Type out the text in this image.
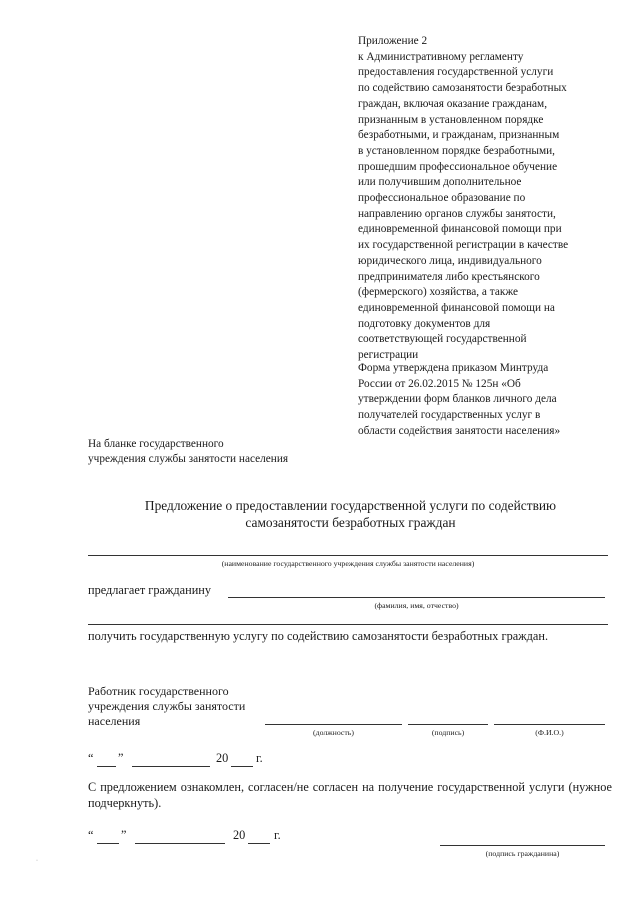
Приложение 2
к Административному регламенту
предоставления государственной услуги
по содействию самозанятости безработных
граждан, включая оказание гражданам,
признанным в установленном порядке
безработными, и гражданам, признанным
в установленном порядке безработными,
прошедшим профессиональное обучение
или получившим дополнительное
профессиональное образование по
направлению органов службы занятости,
единовременной финансовой помощи при
их государственной регистрации в качестве
юридического лица, индивидуального
предпринимателя либо крестьянского
(фермерского) хозяйства, а также
единовременной финансовой помощи на
подготовку документов для
соответствующей государственной
регистрации
Форма утверждена приказом Минтруда
России от 26.02.2015 № 125н «Об
утверждении форм бланков личного дела
получателей государственных услуг в
области содействия занятости населения»
На бланке государственного
учреждения службы занятости населения
Предложение о предоставлении государственной услуги по содействию
самозанятости безработных граждан
(наименование государственного учреждения службы занятости населения)
предлагает гражданину
(фамилия, имя, отчество)
получить государственную услугу по содействию самозанятости безработных граждан.
Работник государственного
учреждения службы занятости
населения
(должность)	(подпись)	(Ф.И.О.)
“ ”	20 г.
С предложением ознакомлен, согласен/не согласен на получение государственной услуги (нужное подчеркнуть).
“ ”	20 г.
(подпись гражданина)
·
